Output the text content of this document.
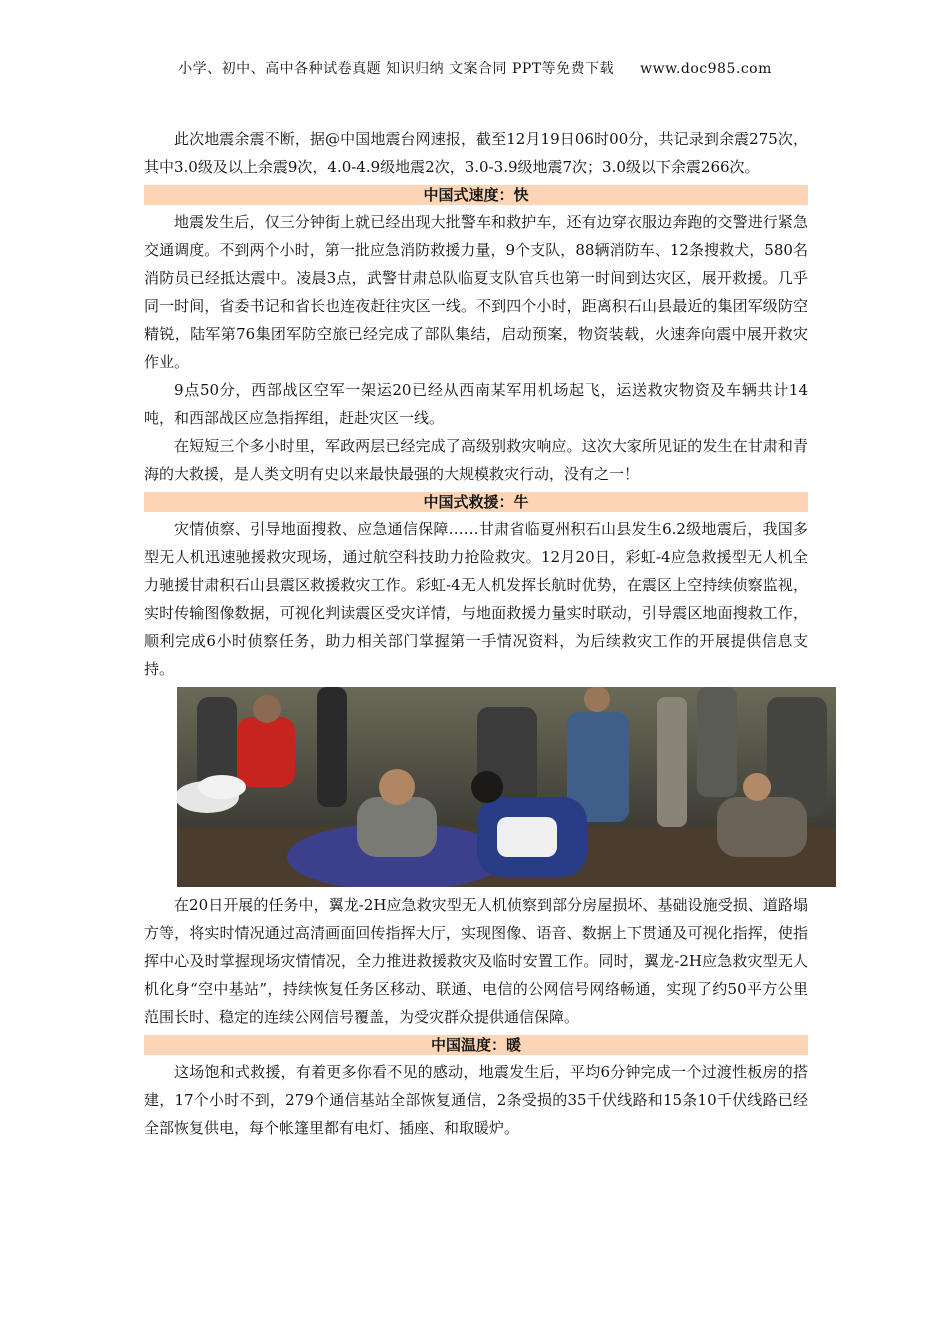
小学、初中、高中各种试卷真题 知识归纳 文案合同 PPT等免费下载 www.doc985.com

此次地震余震不断，据@中国地震台网速报，截至12月19日06时00分，共记录到余震275次，其中3.0级及以上余震9次，4.0-4.9级地震2次，3.0-3.9级地震7次；3.0级以下余震266次。

中国式速度：快

地震发生后，仅三分钟街上就已经出现大批警车和救护车，还有边穿衣服边奔跑的交警进行紧急交通调度。不到两个小时，第一批应急消防救援力量，9个支队，88辆消防车、12条搜救犬，580名消防员已经抵达震中。凌晨3点，武警甘肃总队临夏支队官兵也第一时间到达灾区，展开救援。几乎同一时间，省委书记和省长也连夜赶往灾区一线。不到四个小时，距离积石山县最近的集团军级防空精锐，陆军第76集团军防空旅已经完成了部队集结，启动预案，物资装载，火速奔向震中展开救灾作业。

9点50分，西部战区空军一架运20已经从西南某军用机场起飞，运送救灾物资及车辆共计14吨，和西部战区应急指挥组，赶赴灾区一线。

在短短三个多小时里，军政两层已经完成了高级别救灾响应。这次大家所见证的发生在甘肃和青海的大救援，是人类文明有史以来最快最强的大规模救灾行动，没有之一！

中国式救援：牛

灾情侦察、引导地面搜救、应急通信保障……甘肃省临夏州积石山县发生6.2级地震后，我国多型无人机迅速驰援救灾现场，通过航空科技助力抢险救灾。12月20日，彩虹-4应急救援型无人机全力驰援甘肃积石山县震区救援救灾工作。彩虹-4无人机发挥长航时优势，在震区上空持续侦察监视，实时传输图像数据，可视化判读震区受灾详情，与地面救援力量实时联动，引导震区地面搜救工作，顺利完成6小时侦察任务，助力相关部门掌握第一手情况资料，为后续救灾工作的开展提供信息支持。

在20日开展的任务中，翼龙-2H应急救灾型无人机侦察到部分房屋损坏、基础设施受损、道路塌方等，将实时情况通过高清画面回传指挥大厅，实现图像、语音、数据上下贯通及可视化指挥，使指挥中心及时掌握现场灾情情况，全力推进救援救灾及临时安置工作。同时，翼龙-2H应急救灾型无人机化身“空中基站”，持续恢复任务区移动、联通、电信的公网信号网络畅通，实现了约50平方公里范围长时、稳定的连续公网信号覆盖，为受灾群众提供通信保障。

中国温度：暖

这场饱和式救援，有着更多你看不见的感动，地震发生后，平均6分钟完成一个过渡性板房的搭建，17个小时不到，279个通信基站全部恢复通信，2条受损的35千伏线路和15条10千伏线路已经全部恢复供电，每个帐篷里都有电灯、插座、和取暖炉。
